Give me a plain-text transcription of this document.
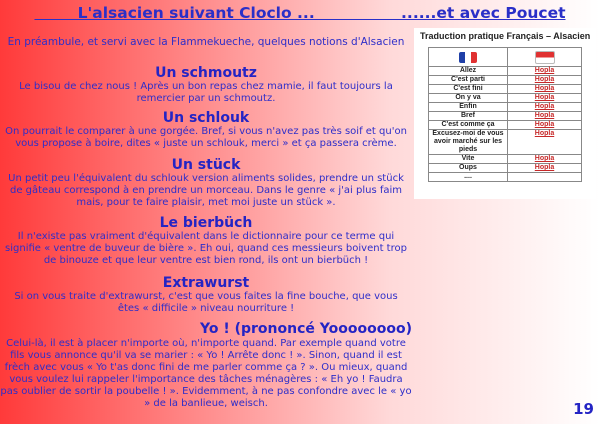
L'alsacien suivant Cloclo ...                ......et avec Poucet
En préambule, et servi avec la Flammekueche, quelques notions d'Alsacien
Un schmoutz
Le bisou de chez nous ! Après un bon repas chez mamie, il faut toujours la remercier par un schmoutz.
Un schlouk
On pourrait le comparer à une gorgée. Bref, si vous n'avez pas très soif et qu'on vous propose à boire, dites « juste un schlouk, merci » et ça passera crème.
Un stück
Un petit peu l'équivalent du schlouk version aliments solides, prendre un stück de gâteau correspond à en prendre un morceau. Dans le genre « j'ai plus faim mais, pour te faire plaisir, met moi juste un stück ».
Le bierbüch
Il n'existe pas vraiment d'équivalent dans le dictionnaire pour ce terme qui signifie « ventre de buveur de bière ». Eh oui, quand ces messieurs boivent trop de binouze et que leur ventre est bien rond, ils ont un bierbüch !
Extrawurst
Si on vous traite d'extrawurst, c'est que vous faites la fine bouche, que vous êtes « difficile » niveau nourriture !
Yo ! (prononcé Yoooooooo)
Celui-là, il est à placer n'importe où, n'importe quand. Par exemple quand votre fils vous annonce qu'il va se marier : « Yo ! Arrête donc ! ». Sinon, quand il est frèch avec vous « Yo t'as donc fini de me parler comme ça ? ». Ou mieux, quand vous voulez lui rappeler l'importance des tâches ménagères : « Eh yo ! Faudra pas oublier de sortir la poubelle ! ». Evidemment, à ne pas confondre avec le « yo » de la banlieue, weisch.
Traduction pratique Français – Alsacien

Allez	Hopla
C'est parti	Hopla
C'est fini	Hopla
On y va	Hopla
Enfin	Hopla
Bref	Hopla
C'est comme ça	Hopla
Excusez-moi de vous avoir marché sur les pieds	Hopla
Vite	Hopla
Oups	Hopla
....	
19
